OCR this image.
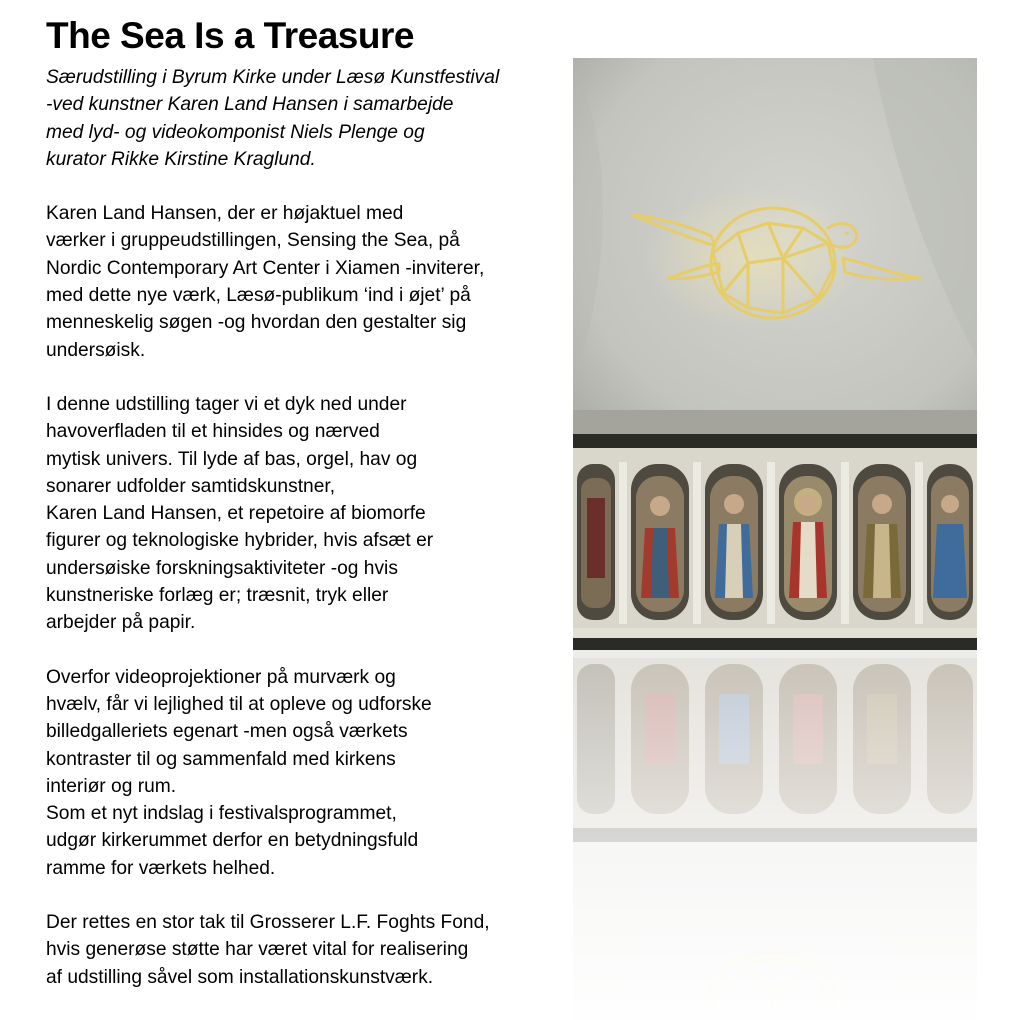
The Sea Is a Treasure

Særudstilling i Byrum Kirke under Læsø Kunstfestival
-ved kunstner Karen Land Hansen i samarbejde
med lyd- og videokomponist Niels Plenge og
kurator Rikke Kirstine Kraglund.

Karen Land Hansen, der er højaktuel med
værker i gruppeudstillingen, Sensing the Sea, på
Nordic Contemporary Art Center i Xiamen -inviterer,
med dette nye værk, Læsø-publikum ‘ind i øjet’ på
menneskelig søgen -og hvordan den gestalter sig
undersøisk.

I denne udstilling tager vi et dyk ned under
havoverfladen til et hinsides og nærved
mytisk univers. Til lyde af bas, orgel, hav og
sonarer udfolder samtidskunstner,
Karen Land Hansen, et repetoire af biomorfe
figurer og teknologiske hybrider, hvis afsæt er
undersøiske forskningsaktiviteter -og hvis
kunstneriske forlæg er; træsnit, tryk eller
arbejder på papir.

Overfor videoprojektioner på murværk og
hvælv, får vi lejlighed til at opleve og udforske
billedgalleriets egenart -men også værkets
kontraster til og sammenfald med kirkens
interiør og rum.
Som et nyt indslag i festivalsprogrammet,
udgør kirkerummet derfor en betydningsfuld
ramme for værkets helhed.

Der rettes en stor tak til Grosserer L.F. Foghts Fond,
hvis generøse støtte har været vital for realisering
af udstilling såvel som installationskunstværk.
